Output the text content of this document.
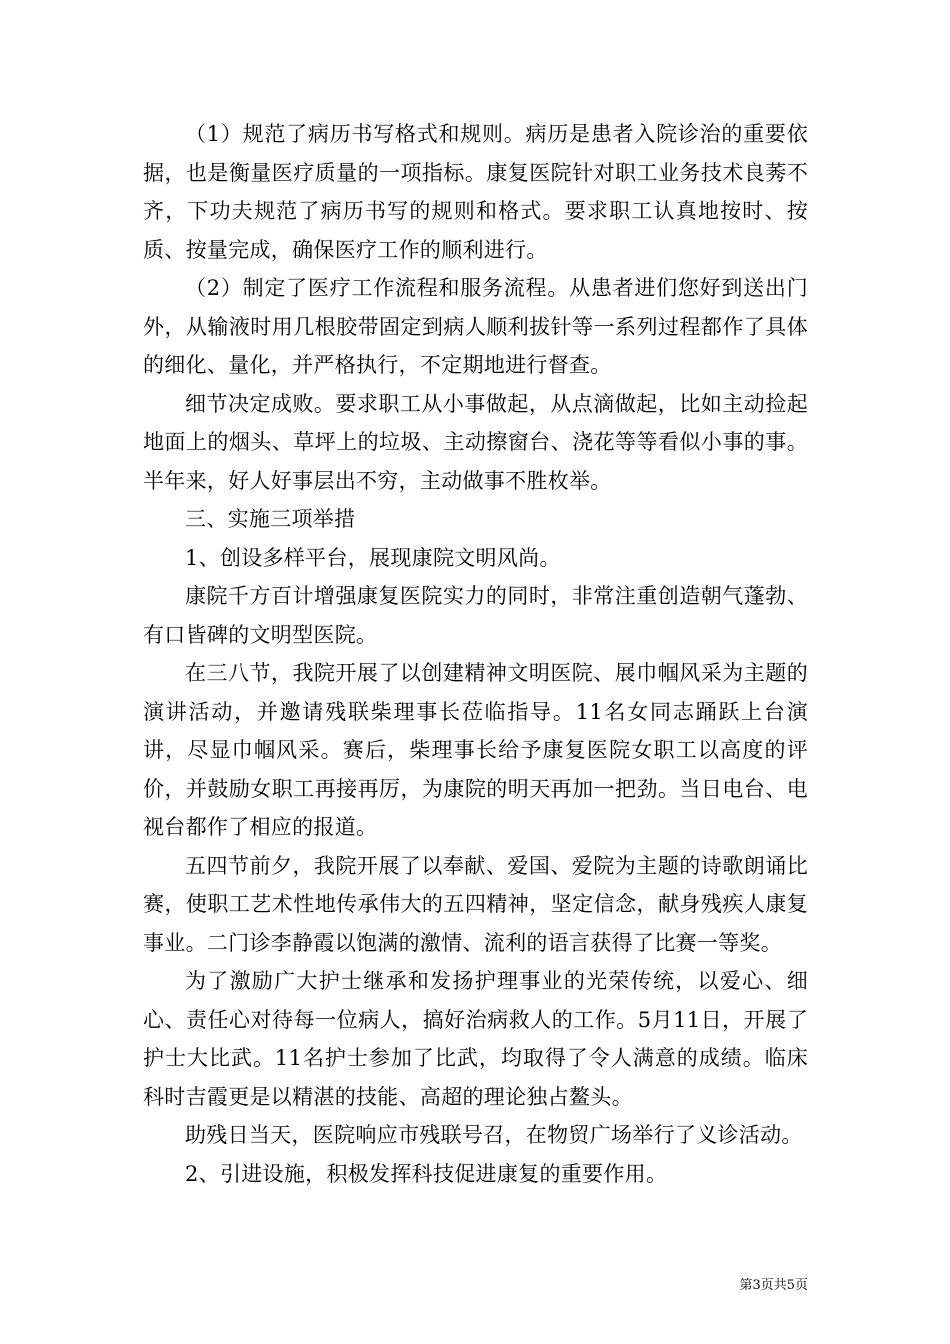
（1）规范了病历书写格式和规则。病历是患者入院诊治的重要依据，也是衡量医疗质量的一项指标。康复医院针对职工业务技术良莠不齐，下功夫规范了病历书写的规则和格式。要求职工认真地按时、按质、按量完成，确保医疗工作的顺利进行。

（2）制定了医疗工作流程和服务流程。从患者进们您好到送出门外，从输液时用几根胶带固定到病人顺利拔针等一系列过程都作了具体的细化、量化，并严格执行，不定期地进行督查。

细节决定成败。要求职工从小事做起，从点滴做起，比如主动捡起地面上的烟头、草坪上的垃圾、主动擦窗台、浇花等等看似小事的事。半年来，好人好事层出不穷，主动做事不胜枚举。

三、实施三项举措

1、创设多样平台，展现康院文明风尚。

康院千方百计增强康复医院实力的同时，非常注重创造朝气蓬勃、有口皆碑的文明型医院。

在三八节，我院开展了以创建精神文明医院、展巾帼风采为主题的演讲活动，并邀请残联柴理事长莅临指导。11名女同志踊跃上台演讲，尽显巾帼风采。赛后，柴理事长给予康复医院女职工以高度的评价，并鼓励女职工再接再厉，为康院的明天再加一把劲。当日电台、电视台都作了相应的报道。

五四节前夕，我院开展了以奉献、爱国、爱院为主题的诗歌朗诵比赛，使职工艺术性地传承伟大的五四精神，坚定信念，献身残疾人康复事业。二门诊李静霞以饱满的激情、流利的语言获得了比赛一等奖。

为了激励广大护士继承和发扬护理事业的光荣传统，以爱心、细心、责任心对待每一位病人，搞好治病救人的工作。5月11日，开展了护士大比武。11名护士参加了比武，均取得了令人满意的成绩。临床科时吉霞更是以精湛的技能、高超的理论独占鳌头。

助残日当天，医院响应市残联号召，在物贸广场举行了义诊活动。

2、引进设施，积极发挥科技促进康复的重要作用。

第3页共5页
